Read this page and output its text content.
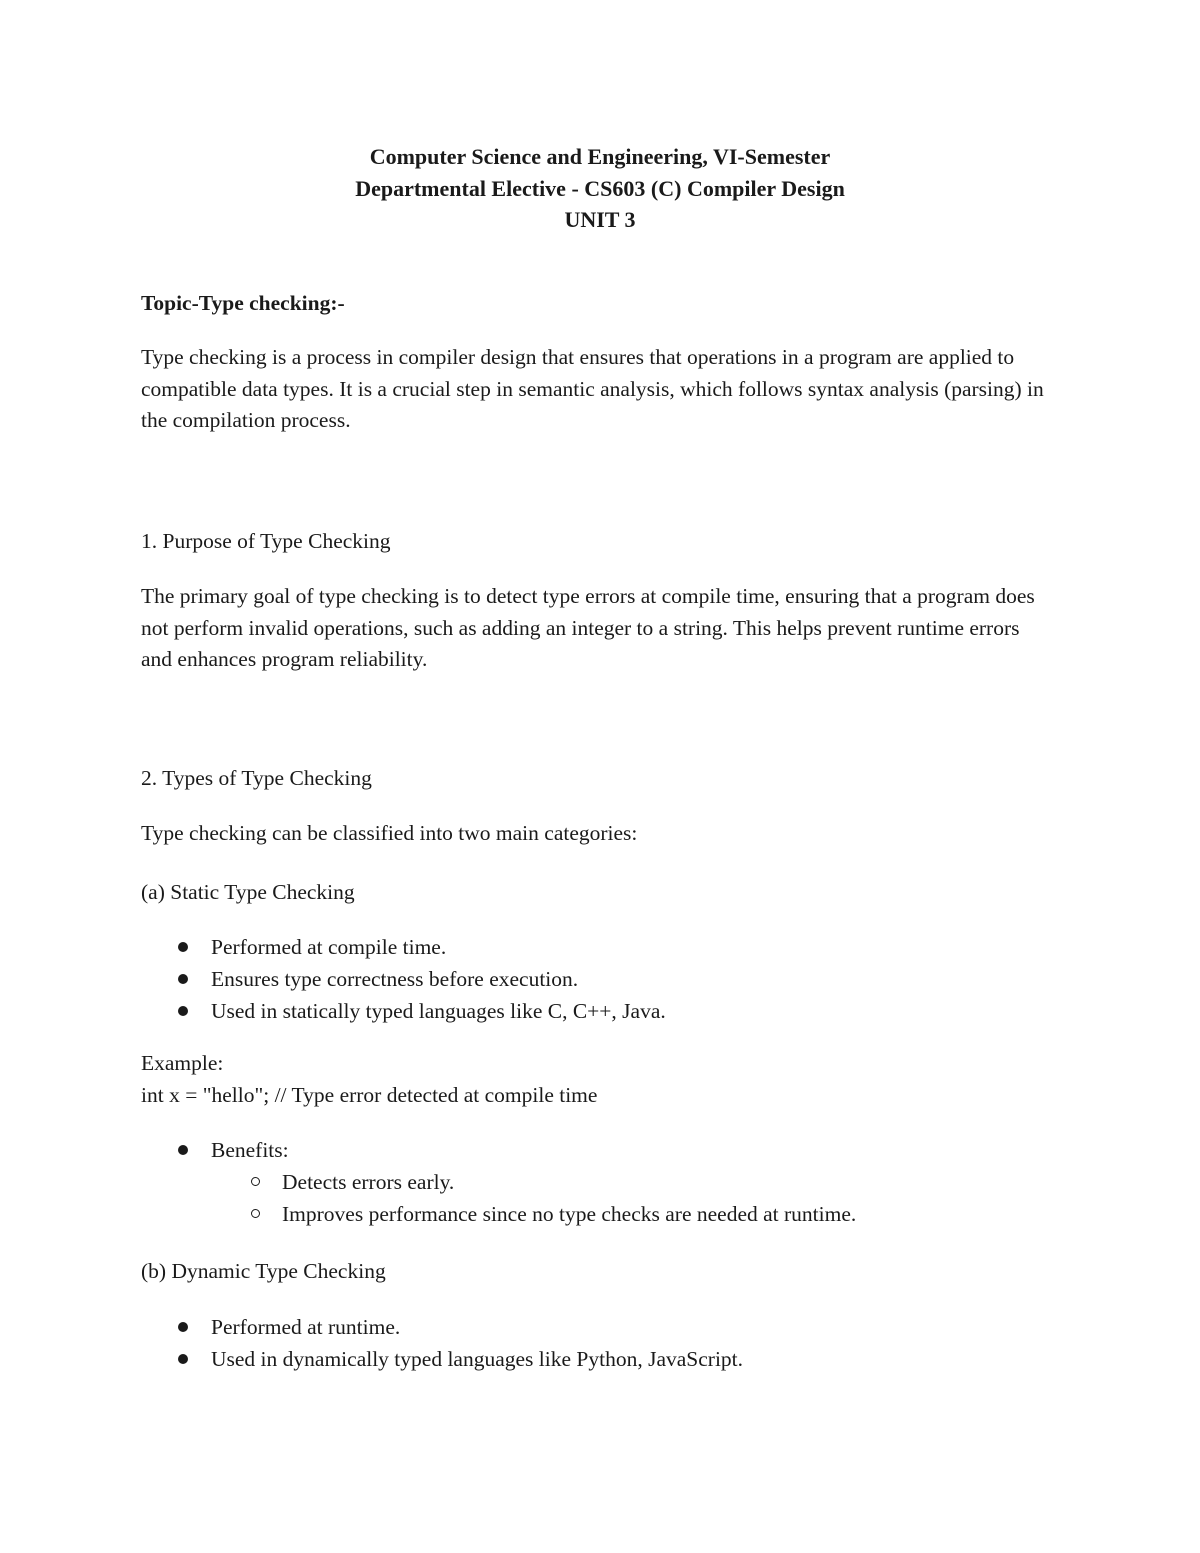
Computer Science and Engineering, VI-Semester
Departmental Elective - CS603 (C) Compiler Design
UNIT 3
Topic-Type checking:-
Type checking is a process in compiler design that ensures that operations in a program are applied to compatible data types. It is a crucial step in semantic analysis, which follows syntax analysis (parsing) in the compilation process.
1. Purpose of Type Checking
The primary goal of type checking is to detect type errors at compile time, ensuring that a program does not perform invalid operations, such as adding an integer to a string. This helps prevent runtime errors and enhances program reliability.
2. Types of Type Checking
Type checking can be classified into two main categories:
(a) Static Type Checking
Performed at compile time.
Ensures type correctness before execution.
Used in statically typed languages like C, C++, Java.
Example:
int x = "hello"; // Type error detected at compile time
Benefits:
Detects errors early.
Improves performance since no type checks are needed at runtime.
(b) Dynamic Type Checking
Performed at runtime.
Used in dynamically typed languages like Python, JavaScript.
